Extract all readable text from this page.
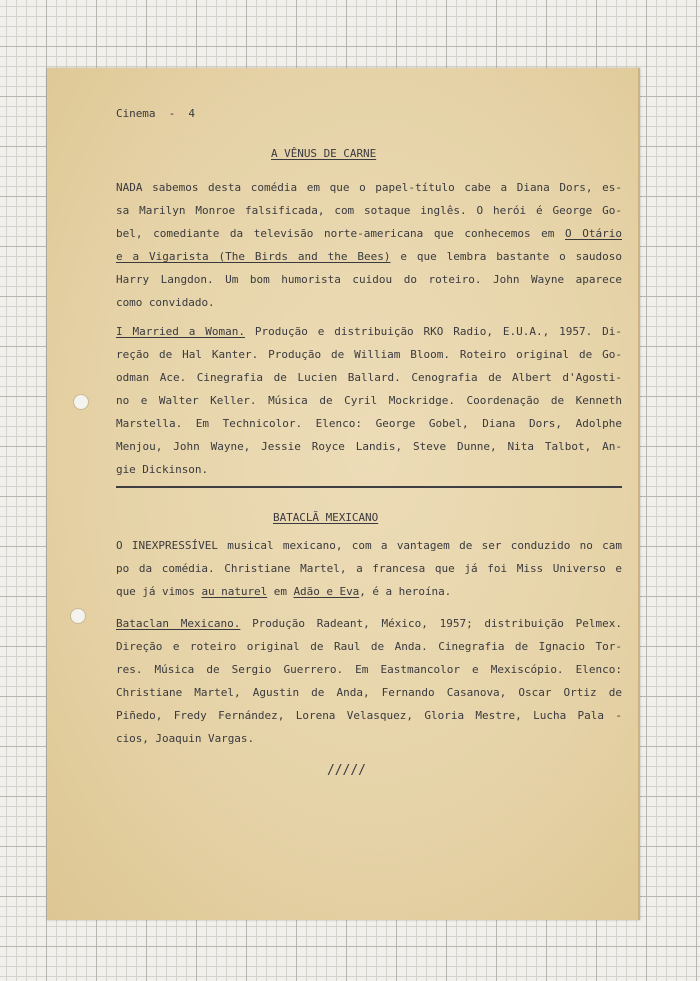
Cinema  -  4
A VÊNUS DE CARNE
NADA sabemos desta comédia em que o papel-título cabe a Diana Dors, es-
sa Marilyn Monroe falsificada, com sotaque inglês. O herói é George Go-
bel, comediante da televisão norte-americana que conhecemos em O Otário
e a Vigarista (The Birds and the Bees) e que lembra bastante o saudoso
Harry Langdon. Um bom humorista cuidou do roteiro. John Wayne aparece
como convidado.
I Married a Woman. Produção e distribuição RKO Radio, E.U.A., 1957. Di-
reção de Hal Kanter. Produção de William Bloom. Roteiro original de Go-
odman Ace. Cinegrafia de Lucien Ballard. Cenografia de Albert d'Agosti-
no e Walter Keller. Música de Cyril Mockridge. Coordenação de Kenneth
Marstella. Em Technicolor. Elenco: George Gobel, Diana Dors, Adolphe
Menjou, John Wayne, Jessie Royce Landis, Steve Dunne, Nita Talbot, An-
gie Dickinson.
BATACLÃ MEXICANO
O INEXPRESSÍVEL musical mexicano, com a vantagem de ser conduzido no cam
po da comédia. Christiane Martel, a francesa que já foi Miss Universo e
que já vimos au naturel em Adão e Eva, é a heroína.
Bataclan Mexicano. Produção Radeant, México, 1957; distribuição Pelmex.
Direção e roteiro original de Raul de Anda. Cinegrafia de Ignacio Tor-
res. Música de Sergio Guerrero. Em Eastmancolor e Mexiscópio. Elenco:
Christiane Martel, Agustin de Anda, Fernando Casanova, Oscar Ortiz de
Piñedo, Fredy Fernández, Lorena Velasquez, Gloria Mestre, Lucha Pala -
cios, Joaquin Vargas.
/////
